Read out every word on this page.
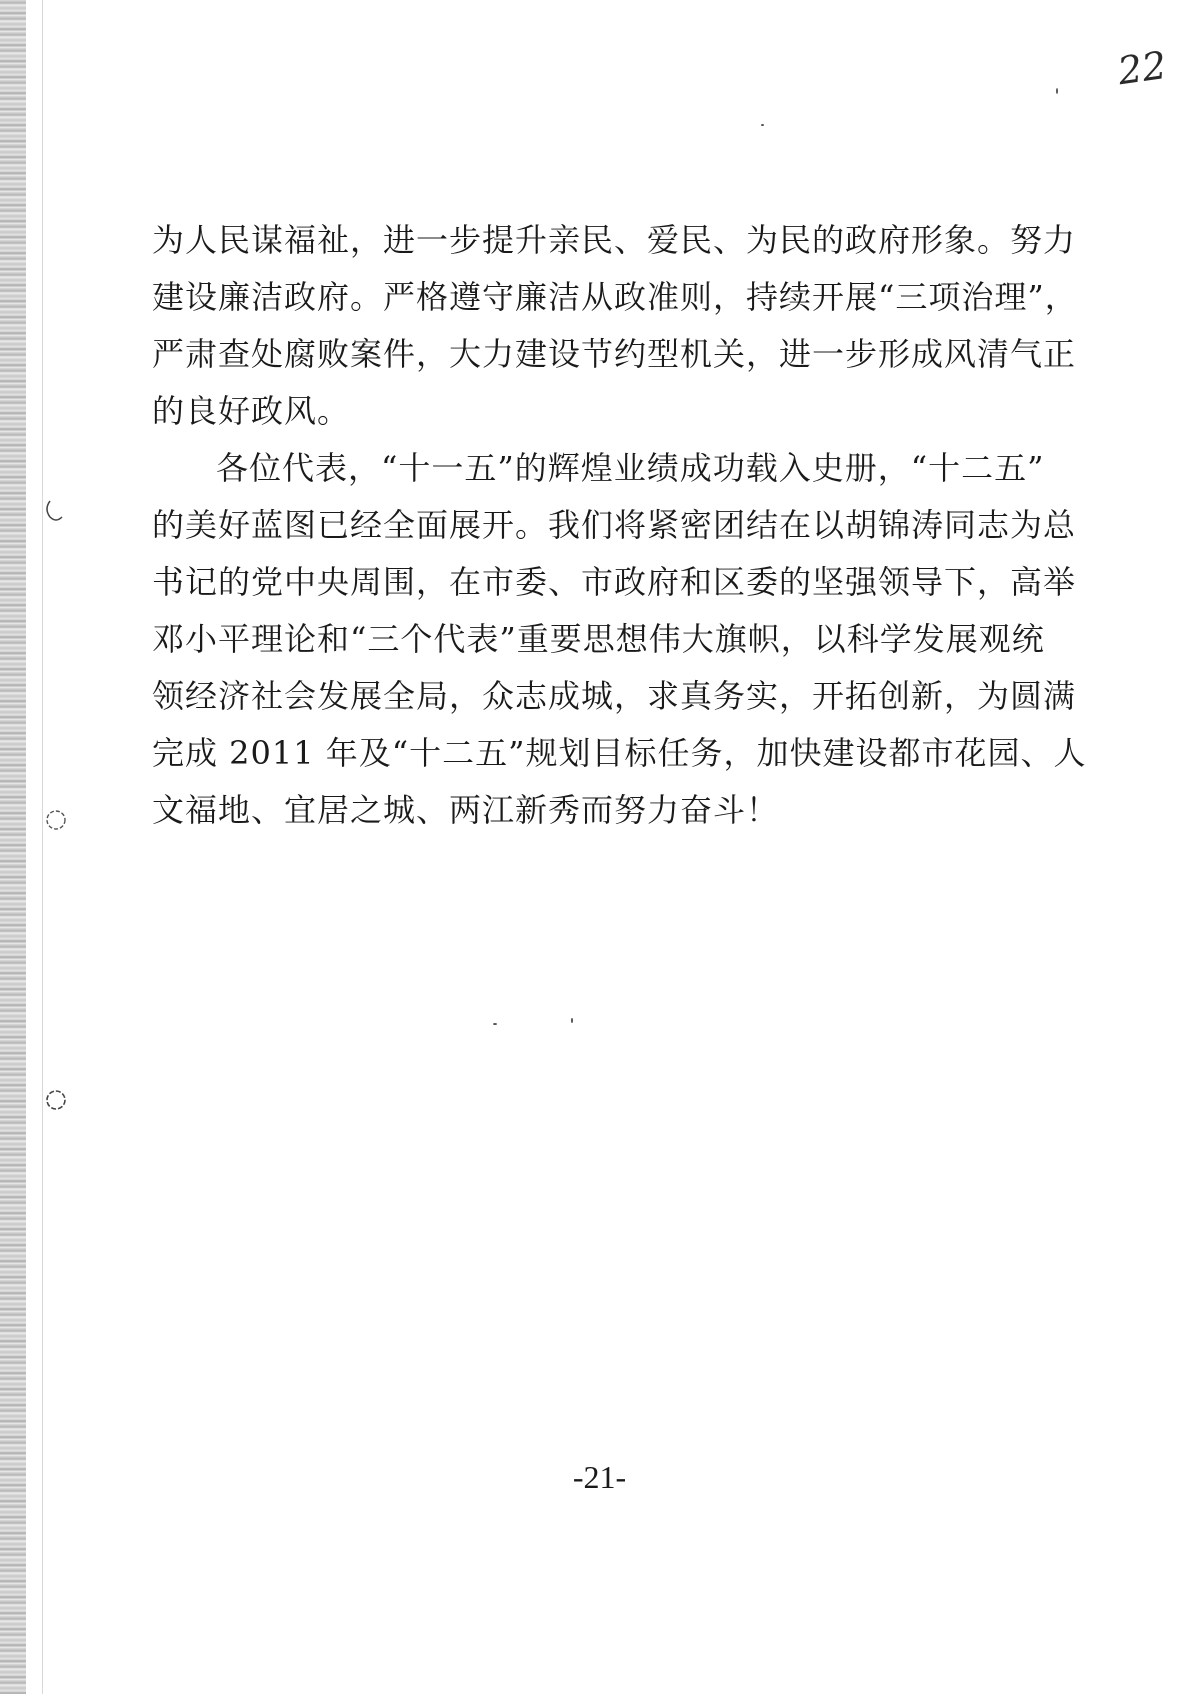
22
为人民谋福祉，进一步提升亲民、爱民、为民的政府形象。努力
建设廉洁政府。严格遵守廉洁从政准则，持续开展“三项治理”，
严肃查处腐败案件，大力建设节约型机关，进一步形成风清气正
的良好政风。
各位代表，“十一五”的辉煌业绩成功载入史册，“十二五”
的美好蓝图已经全面展开。我们将紧密团结在以胡锦涛同志为总
书记的党中央周围，在市委、市政府和区委的坚强领导下，高举
邓小平理论和“三个代表”重要思想伟大旗帜，以科学发展观统
领经济社会发展全局，众志成城，求真务实，开拓创新，为圆满
完成 2011 年及“十二五”规划目标任务，加快建设都市花园、人
文福地、宜居之城、两江新秀而努力奋斗！
-21-
